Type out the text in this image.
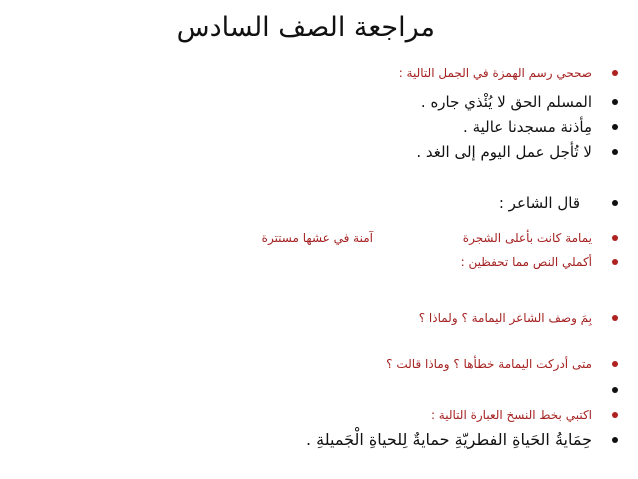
مراجعة الصف السادس
صححي رسم الهمزة في الجمل التالية :
المسلم الحق لا يُئْذي جاره .
مِأذنة مسجدنا عالية .
لا تُأجل عمل اليوم إلى الغد .
قال الشاعر :
يمامة كانت بأعلى الشجرة
آمنة في عشها مستترة
أكملي النص مما تحفظين :
بِمَ وصف الشاعر اليمامة ؟ ولماذا ؟
متى أدركت اليمامة خطأها ؟ وماذا قالت ؟
اكتبي بخط النسخ العبارة التالية :
حِمَايةُ الحَياةِ الفطريّةِ حمايةٌ لِلحياةِ الْجَميلةِ .
